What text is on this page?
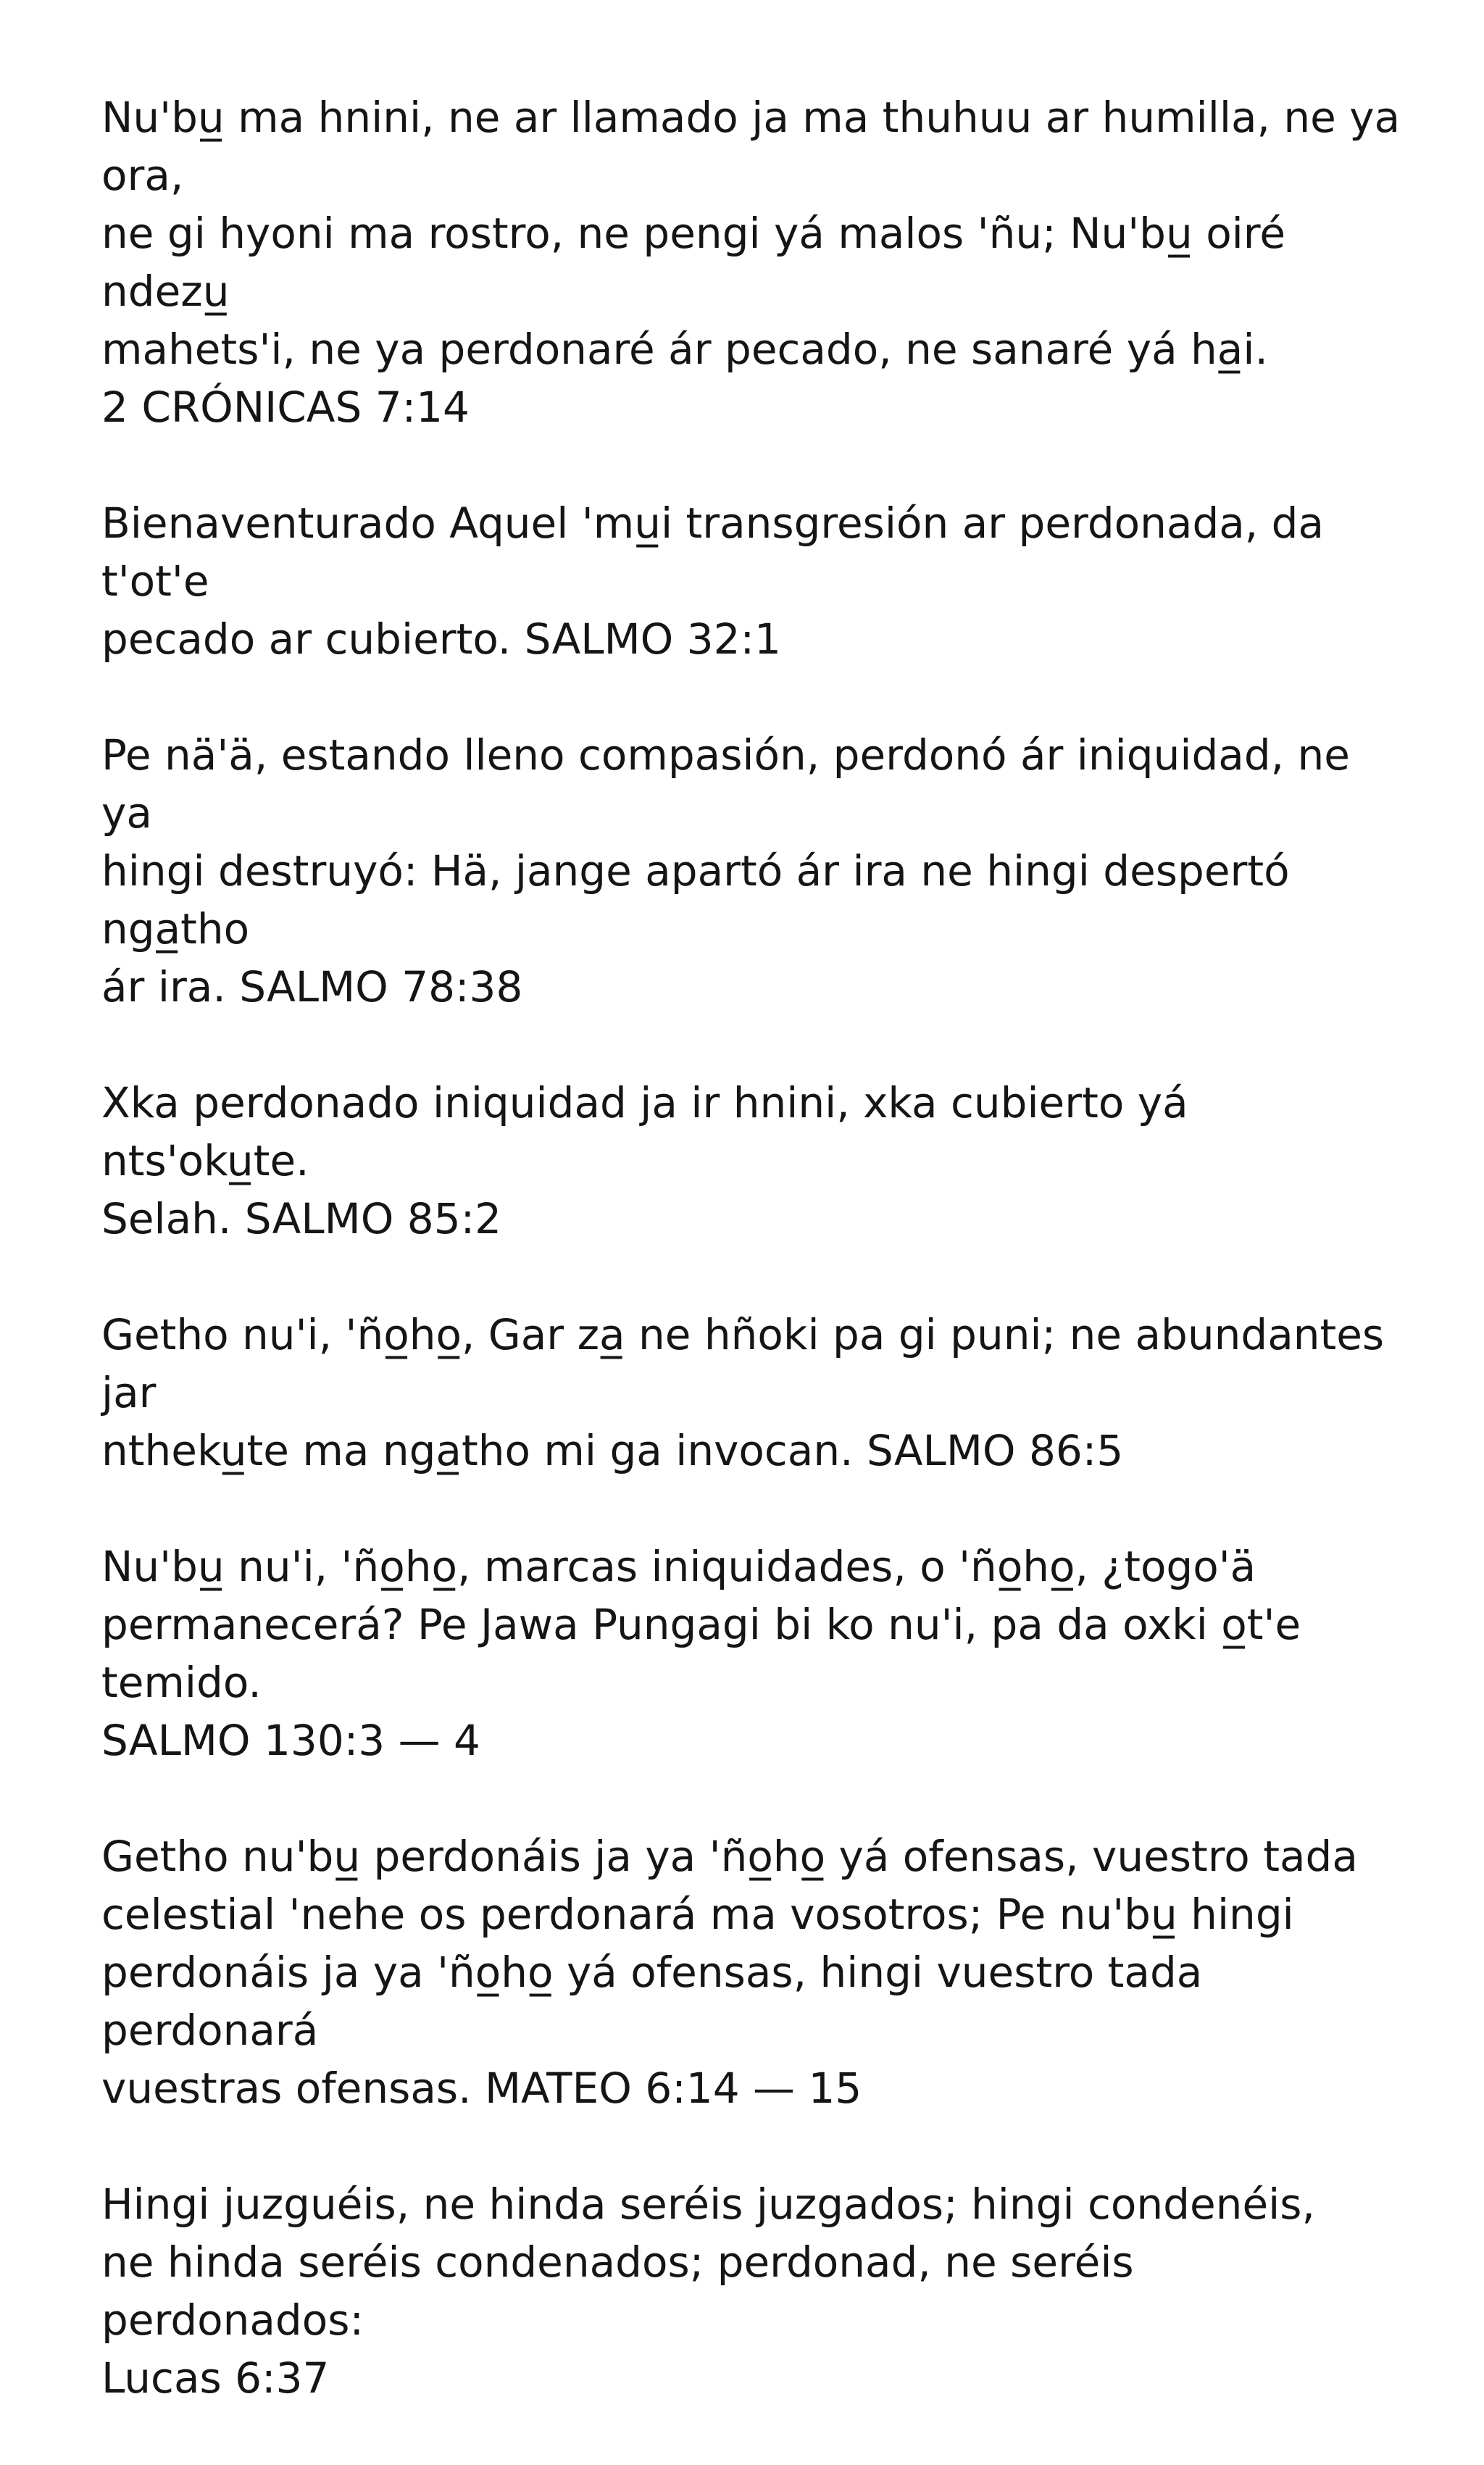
Nu'bu̲ ma hnini, ne ar llamado ja ma thuhuu ar humilla, ne ya ora,
ne gi hyoni ma rostro, ne pengi yá malos 'ñu; Nu'bu̲ oiré ndezu̲
mahets'i, ne ya perdonaré ár pecado, ne sanaré yá ha̲i.
2 CRÓNICAS 7:14

Bienaventurado Aquel 'mu̲i transgresión ar perdonada, da t'ot'e
pecado ar cubierto. SALMO 32:1

Pe nä'ä, estando lleno compasión, perdonó ár iniquidad, ne ya
hingi destruyó: Hä, jange apartó ár ira ne hingi despertó nga̲tho
ár ira. SALMO 78:38

Xka perdonado iniquidad ja ir hnini, xka cubierto yá nts'oku̲te.
Selah. SALMO 85:2

Getho nu'i, 'ño̲ho̲, Gar za̲ ne hñoki pa gi puni; ne abundantes jar
ntheku̲te ma nga̲tho mi ga invocan. SALMO 86:5

Nu'bu̲ nu'i, 'ño̲ho̲, marcas iniquidades, o 'ño̲ho̲, ¿togo'ä
permanecerá? Pe Jawa Pungagi bi ko nu'i, pa da oxki o̲t'e temido.
SALMO 130:3 — 4

Getho nu'bu̲ perdonáis ja ya 'ño̲ho̲ yá ofensas, vuestro tada
celestial 'nehe os perdonará ma vosotros; Pe nu'bu̲ hingi
perdonáis ja ya 'ño̲ho̲ yá ofensas, hingi vuestro tada perdonará
vuestras ofensas. MATEO 6:14 — 15

Hingi juzguéis, ne hinda seréis juzgados; hingi condenéis,
ne hinda seréis condenados; perdonad, ne seréis perdonados:
Lucas 6:37
